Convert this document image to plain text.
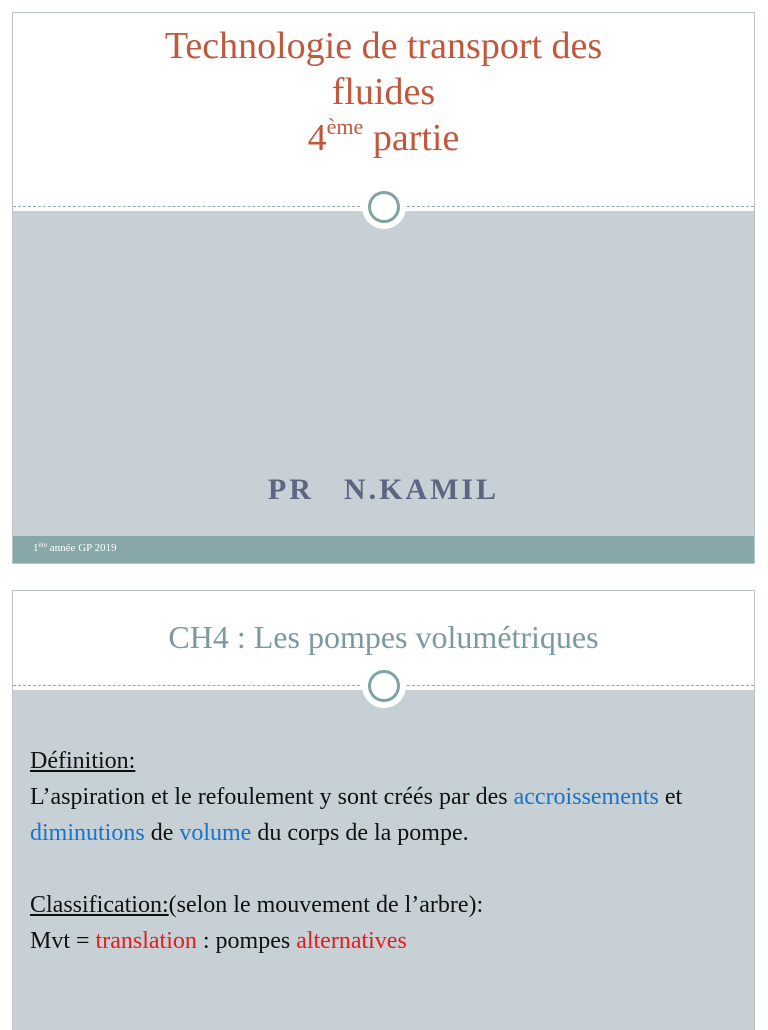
Technologie de transport des
fluides
4ème partie
PR N.KAMIL
1ère année GP 2019
CH4 : Les pompes volumétriques

Définition:

L’aspiration et le refoulement y sont créés par des accroissements et diminutions de volume du corps de la pompe.

Classification:(selon le mouvement de l’arbre):

Mvt = translation : pompes alternatives
